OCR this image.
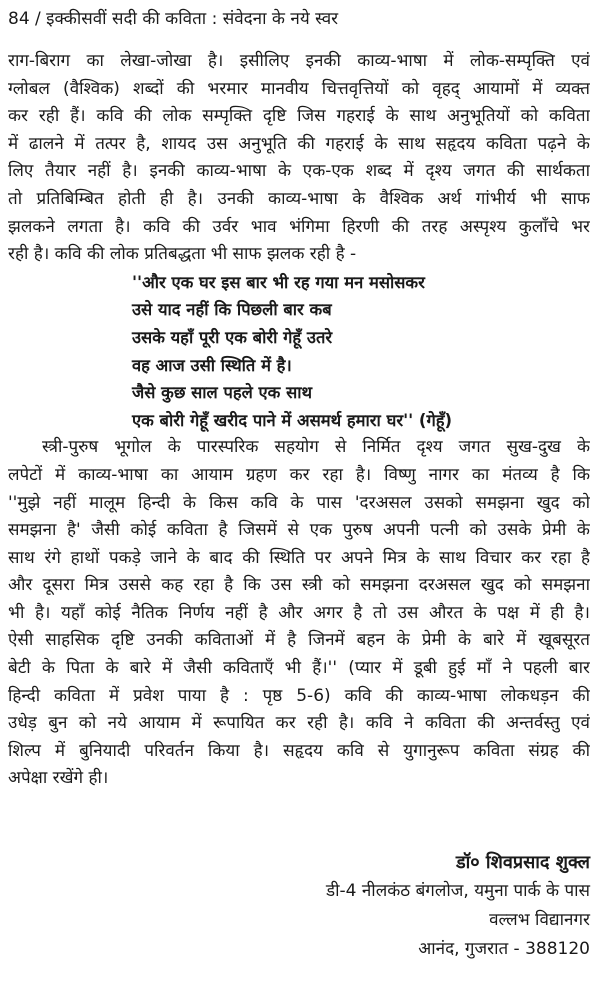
84 / इक्कीसवीं सदी की कविता : संवेदना के नये स्वर
राग-बिराग का लेखा-जोखा है। इसीलिए इनकी काव्य-भाषा में लोक-सम्पृक्ति एवं
ग्लोबल (वैश्विक) शब्दों की भरमार मानवीय चित्तवृत्तियों को वृहद् आयामों में व्यक्त
कर रही हैं। कवि की लोक सम्पृक्ति दृष्टि जिस गहराई के साथ अनुभूतियों को कविता
में ढालने में तत्पर है, शायद उस अनुभूति की गहराई के साथ सहृदय कविता पढ़ने के
लिए तैयार नहीं है। इनकी काव्य-भाषा के एक-एक शब्द में दृश्य जगत की सार्थकता
तो प्रतिबिम्बित होती ही है। उनकी काव्य-भाषा के वैश्विक अर्थ गांभीर्य भी साफ
झलकने लगता है। कवि की उर्वर भाव भंगिमा हिरणी की तरह अस्पृश्य कुलाँचे भर
रही है। कवि की लोक प्रतिबद्धता भी साफ झलक रही है -
''और एक घर इस बार भी रह गया मन मसोसकर
उसे याद नहीं कि पिछली बार कब
उसके यहाँ पूरी एक बोरी गेहूँ उतरे
वह आज उसी स्थिति में है।
जैसे कुछ साल पहले एक साथ
एक बोरी गेहूँ खरीद पाने में असमर्थ हमारा घर'' (गेहूँ)
स्त्री-पुरुष भूगोल के पारस्परिक सहयोग से निर्मित दृश्य जगत सुख-दुख के
लपेटों में काव्य-भाषा का आयाम ग्रहण कर रहा है। विष्णु नागर का मंतव्य है कि
''मुझे नहीं मालूम हिन्दी के किस कवि के पास 'दरअसल उसको समझना खुद को
समझना है' जैसी कोई कविता है जिसमें से एक पुरुष अपनी पत्नी को उसके प्रेमी के
साथ रंगे हाथों पकड़े जाने के बाद की स्थिति पर अपने मित्र के साथ विचार कर रहा है
और दूसरा मित्र उससे कह रहा है कि उस स्त्री को समझना दरअसल खुद को समझना
भी है। यहाँ कोई नैतिक निर्णय नहीं है और अगर है तो उस औरत के पक्ष में ही है।
ऐसी साहसिक दृष्टि उनकी कविताओं में है जिनमें बहन के प्रेमी के बारे में खूबसूरत
बेटी के पिता के बारे में जैसी कविताएँ भी हैं।'' (प्यार में डूबी हुई माँ ने पहली बार
हिन्दी कविता में प्रवेश पाया है : पृष्ठ 5-6) कवि की काव्य-भाषा लोकधड़न की
उधेड़ बुन को नये आयाम में रूपायित कर रही है। कवि ने कविता की अन्तर्वस्तु एवं
शिल्प में बुनियादी परिवर्तन किया है। सहृदय कवि से युगानुरूप कविता संग्रह की
अपेक्षा रखेंगे ही।
डॉ० शिवप्रसाद शुक्ल
डी-4 नीलकंठ बंगलोज, यमुना पार्क के पास
वल्लभ विद्यानगर
आनंद, गुजरात - 388120
